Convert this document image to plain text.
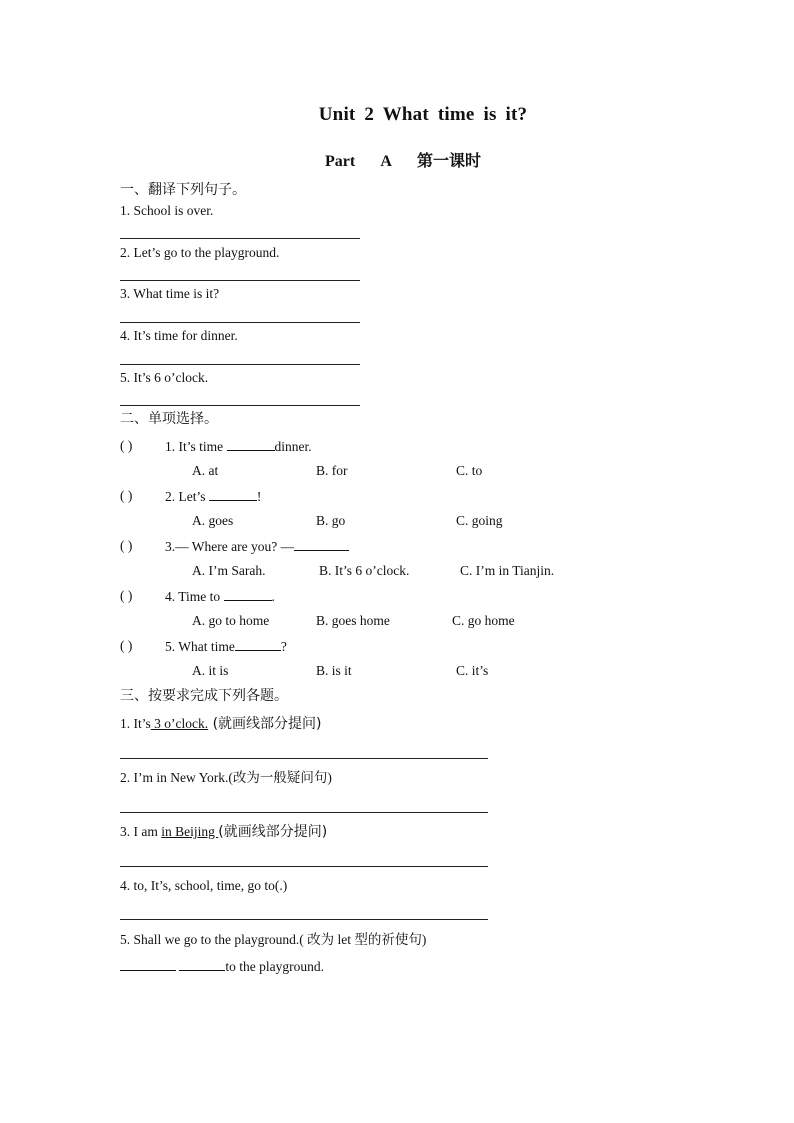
Unit 2 What time is it?
Part A 第一课时
一、翻译下列句子。
1. School is over.
2. Let’s go to the playground.
3. What time is it?
4. It’s time for dinner.
5. It’s 6 o’clock.
二、单项选择。
( ) 1. It’s time	dinner.
A. at	B. for	C. to
( ) 2. Let’s	!
A. goes	B. go	C. going
( ) 3.— Where are you? —
A. I’m Sarah.	B. It’s 6 o’clock.	C. I’m in Tianjin.
( ) 4. Time to	.
A. go to home	B. goes home	C. go home
( ) 5. What time	?
A. it is	B. is it	C. it’s
三、按要求完成下列各题。
1. It’s 3 o’clock. (就画线部分提问)
2. I’m in New York.(改为一般疑问句)
3. I am in Beijing (就画线部分提问)
4. to, It’s, school, time, go to(.)
5. Shall we go to the playground.( 改为 let 型的祈使句)
to the playground.
